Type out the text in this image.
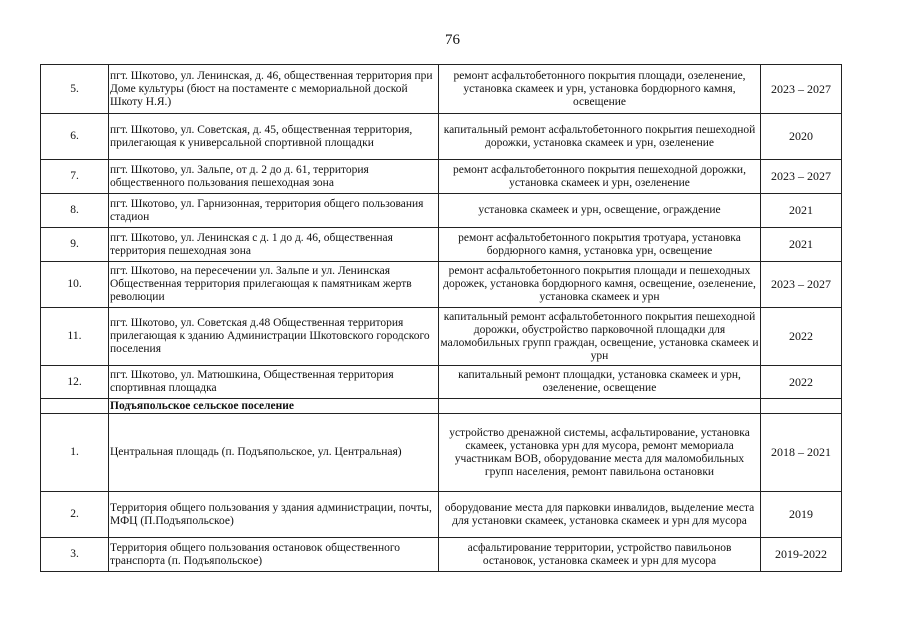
76
5.	пгт. Шкотово, ул. Ленинская, д. 46, общественная территория при Доме культуры (бюст на постаменте с мемориальной доской Шкоту Н.Я.)	ремонт асфальтобетонного покрытия площади, озеленение, установка скамеек и урн, установка бордюрного камня, освещение	2023 – 2027
6.	пгт. Шкотово, ул. Советская, д. 45, общественная территория, прилегающая к универсальной спортивной площадки	капитальный ремонт асфальтобетонного покрытия пешеходной дорожки, установка скамеек и урн, озеленение	2020
7.	пгт. Шкотово, ул. Зальпе, от д. 2 до д. 61, территория общественного пользования пешеходная зона	ремонт асфальтобетонного покрытия пешеходной дорожки, установка скамеек и урн, озеленение	2023 – 2027
8.	пгт. Шкотово, ул. Гарнизонная, территория общего пользования стадион	установка скамеек и урн, освещение, ограждение	2021
9.	пгт. Шкотово, ул. Ленинская с д. 1 до д. 46, общественная территория пешеходная зона	ремонт асфальтобетонного покрытия тротуара, установка бордюрного камня, установка урн, освещение	2021
10.	пгт. Шкотово, на пересечении ул. Зальпе и ул. Ленинская Общественная территория прилегающая к памятникам жертв революции	ремонт асфальтобетонного покрытия площади и пешеходных дорожек, установка бордюрного камня, освещение, озеленение, установка скамеек и урн	2023 – 2027
11.	пгт. Шкотово, ул. Советская д.48 Общественная территория прилегающая к зданию Администрации Шкотовского городского поселения	капитальный ремонт асфальтобетонного покрытия пешеходной дорожки, обустройство парковочной площадки для маломобильных групп граждан, освещение, установка скамеек и урн	2022
12.	пгт. Шкотово, ул. Матюшкина, Общественная территория спортивная площадка	капитальный ремонт площадки, установка скамеек и урн, озеленение, освещение	2022
	Подъяпольское сельское поселение		
1.	Центральная площадь (п. Подъяпольское, ул. Центральная)	устройство дренажной системы, асфальтирование, установка скамеек, установка урн для мусора, ремонт мемориала участникам ВОВ, оборудование места для маломобильных групп населения, ремонт павильона остановки	2018 – 2021
2.	Территория общего пользования у здания администрации, почты, МФЦ (П.Подъяпольское)	оборудование места для парковки инвалидов, выделение места для установки скамеек, установка скамеек и урн для мусора	2019
3.	Территория общего пользования остановок общественного транспорта (п. Подъяпольское)	асфальтирование территории, устройство павильонов остановок, установка скамеек и урн для мусора	2019-2022
